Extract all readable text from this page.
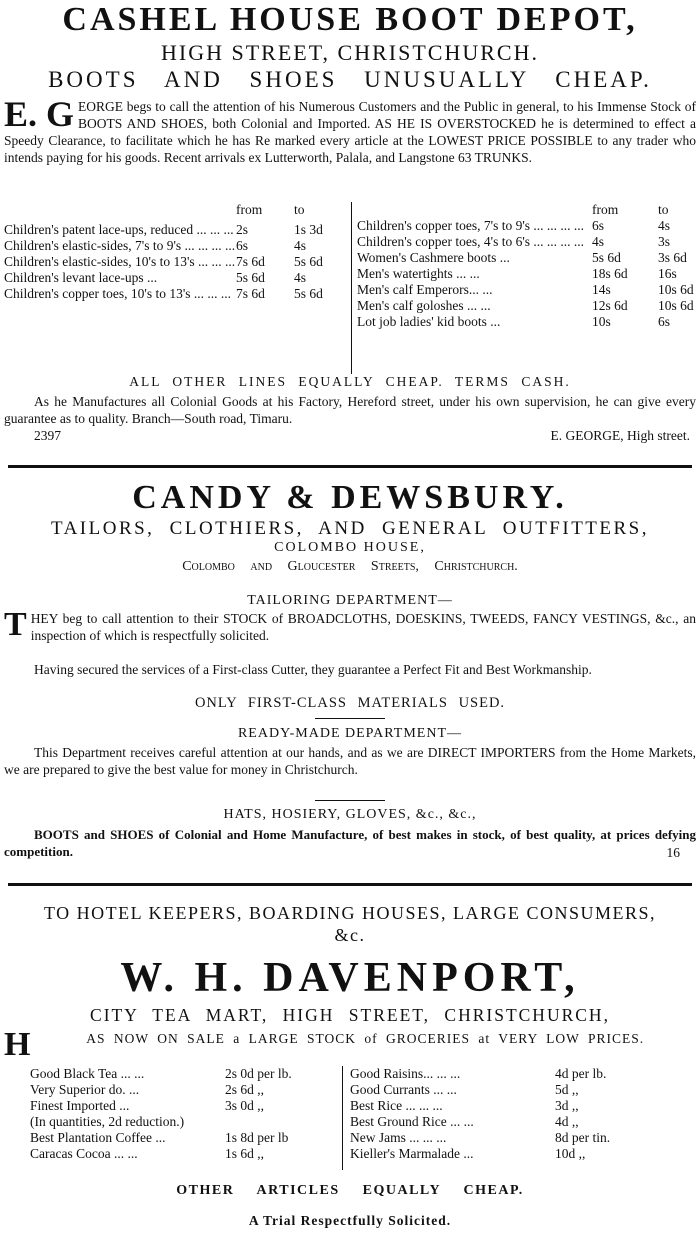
CASHEL HOUSE BOOT DEPOT,
HIGH STREET, CHRISTCHURCH.
BOOTS AND SHOES UNUSUALLY CHEAP.
E. G EORGE begs to call the attention of his Numerous Customers and the Public in general, to his Immense Stock of BOOTS AND SHOES, both Colonial and Imported. AS HE IS OVERSTOCKED he is determined to effect a Speedy Clearance, to facilitate which he has Re marked every article at the LOWEST PRICE POSSIBLE to any trader who intends paying for his goods. Recent arrivals ex Lutterworth, Palala, and Langstone 63 TRUNKS.
	from	to
Children's patent lace-ups, reduced ... ... ...	2s	1s 3d
Children's elastic-sides, 7's to 9's ... ... ... ...	6s	4s
Children's elastic-sides, 10's to 13's ... ... ...	7s 6d	5s 6d
Children's levant lace-ups ...	5s 6d	4s
Children's copper toes, 10's to 13's ... ... ...	7s 6d	5s 6d
	from	to
Children's copper toes, 7's to 9's ... ... ... ...	6s	4s
Children's copper toes, 4's to 6's ... ... ... ...	4s	3s
Women's Cashmere boots ...	5s 6d	3s 6d
Men's watertights ... ...	18s 6d	16s
Men's calf Emperors... ...	14s	10s 6d
Men's calf goloshes ... ...	12s 6d	10s 6d
Lot job ladies' kid boots ...	10s	6s
ALL OTHER LINES EQUALLY CHEAP. TERMS CASH.
As he Manufactures all Colonial Goods at his Factory, Hereford street, under his own supervision, he can give every guarantee as to quality. Branch—South road, Timaru.
2397	E. GEORGE, High street.
CANDY & DEWSBURY.
TAILORS, CLOTHIERS, AND GENERAL OUTFITTERS,
COLOMBO HOUSE,
Colombo and Gloucester Streets, Christchurch.
TAILORING DEPARTMENT—
T HEY beg to call attention to their STOCK of BROADCLOTHS, DOESKINS, TWEEDS, FANCY VESTINGS, &c., an inspection of which is respectfully solicited.
Having secured the services of a First-class Cutter, they guarantee a Perfect Fit and Best Workmanship.
ONLY FIRST-CLASS MATERIALS USED.
READY-MADE DEPARTMENT—
This Department receives careful attention at our hands, and as we are DIRECT IMPORTERS from the Home Markets, we are prepared to give the best value for money in Christchurch.
HATS, HOSIERY, GLOVES, &c., &c.,
BOOTS and SHOES of Colonial and Home Manufacture, of best makes in stock, of best quality, at prices defying competition.	16
TO HOTEL KEEPERS, BOARDING HOUSES, LARGE CONSUMERS, &c.
W. H. DAVENPORT,
CITY TEA MART, HIGH STREET, CHRISTCHURCH,
H	AS NOW ON SALE a LARGE STOCK of GROCERIES at VERY LOW PRICES.
Good Black Tea ... ...	2s 0d per lb.
Very Superior do. ...	2s 6d ,,
Finest Imported ...	3s 0d ,,
(In quantities, 2d reduction.)	
Best Plantation Coffee ...	1s 8d per lb
Caracas Cocoa ... ...	1s 6d ,,
Good Raisins... ... ...	4d per lb.
Good Currants ... ...	5d ,,
Best Rice ... ... ...	3d ,,
Best Ground Rice ... ...	4d ,,
New Jams ... ... ...	8d per tin.
Kieller's Marmalade ...	10d ,,
OTHER ARTICLES EQUALLY CHEAP.
A Trial Respectfully Solicited.
